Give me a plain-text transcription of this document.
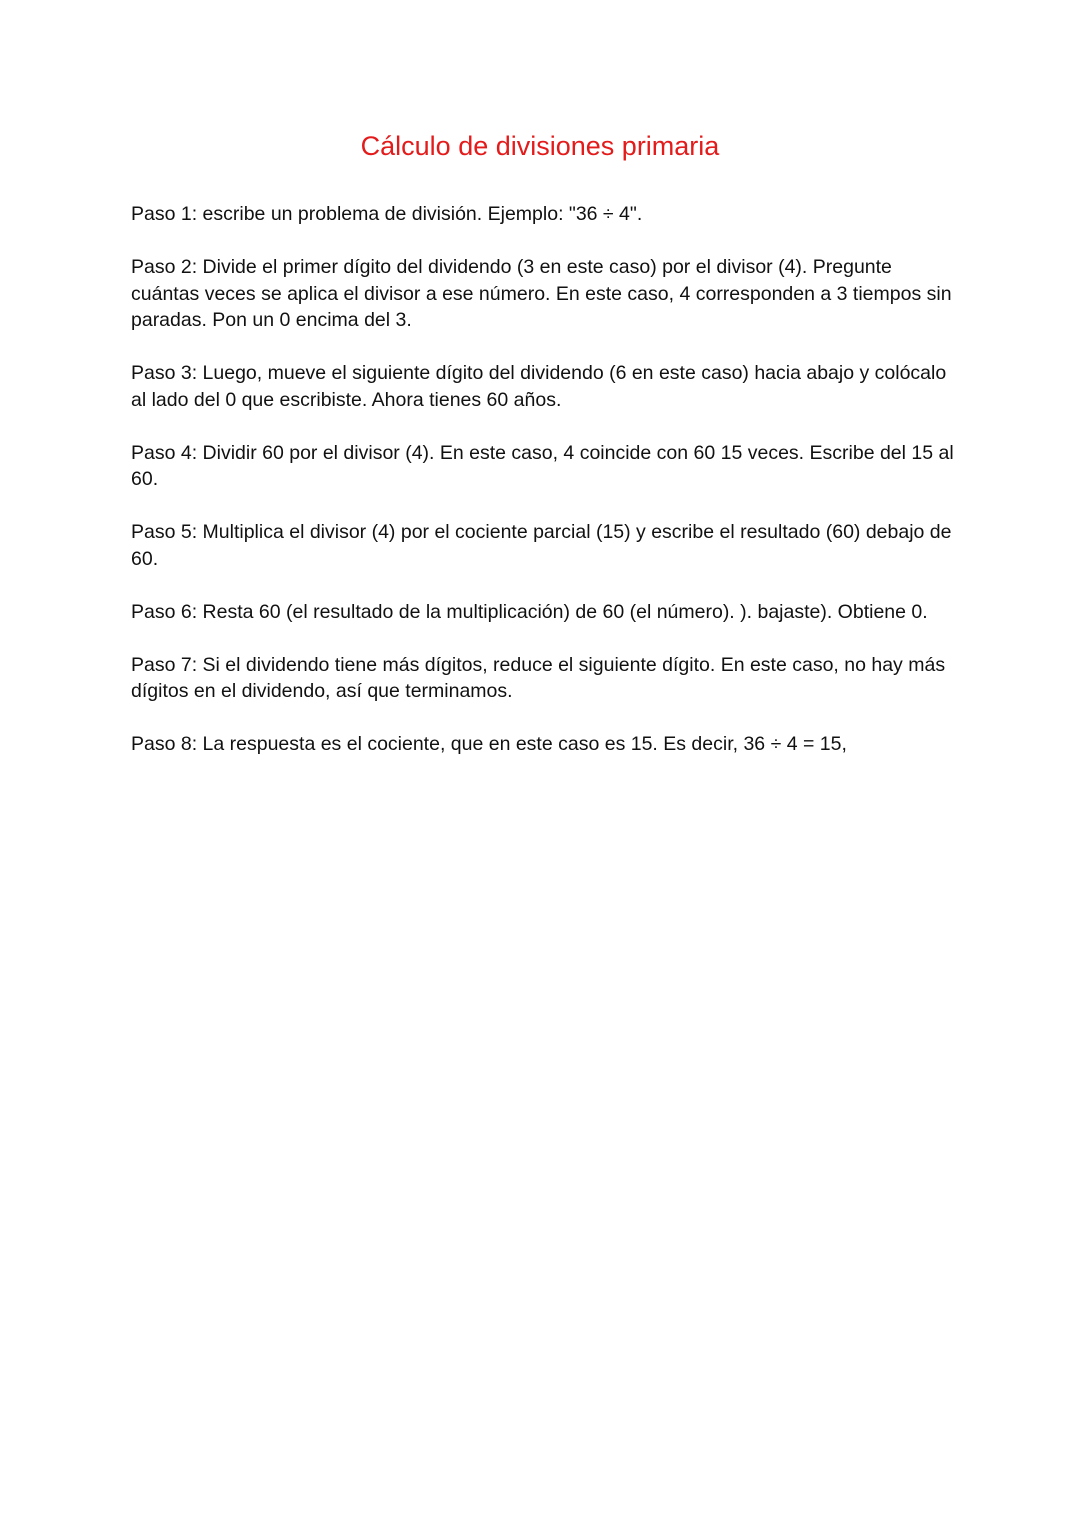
Cálculo de divisiones primaria
Paso 1: escribe un problema de división. Ejemplo: "36 ÷ 4".
Paso 2: Divide el primer dígito del dividendo (3 en este caso) por el divisor (4). Pregunte cuántas veces se aplica el divisor a ese número. En este caso, 4 corresponden a 3 tiempos sin paradas. Pon un 0 encima del 3.
Paso 3: Luego, mueve el siguiente dígito del dividendo (6 en este caso) hacia abajo y colócalo al lado del 0 que escribiste. Ahora tienes 60 años.
Paso 4: Dividir 60 por el divisor (4). En este caso, 4 coincide con 60 15 veces. Escribe del 15 al 60.
Paso 5: Multiplica el divisor (4) por el cociente parcial (15) y escribe el resultado (60) debajo de 60.
Paso 6: Resta 60 (el resultado de la multiplicación) de 60 (el número). ). bajaste). Obtiene 0.
Paso 7: Si el dividendo tiene más dígitos, reduce el siguiente dígito. En este caso, no hay más dígitos en el dividendo, así que terminamos.
Paso 8: La respuesta es el cociente, que en este caso es 15. Es decir, 36 ÷ 4 = 15,
